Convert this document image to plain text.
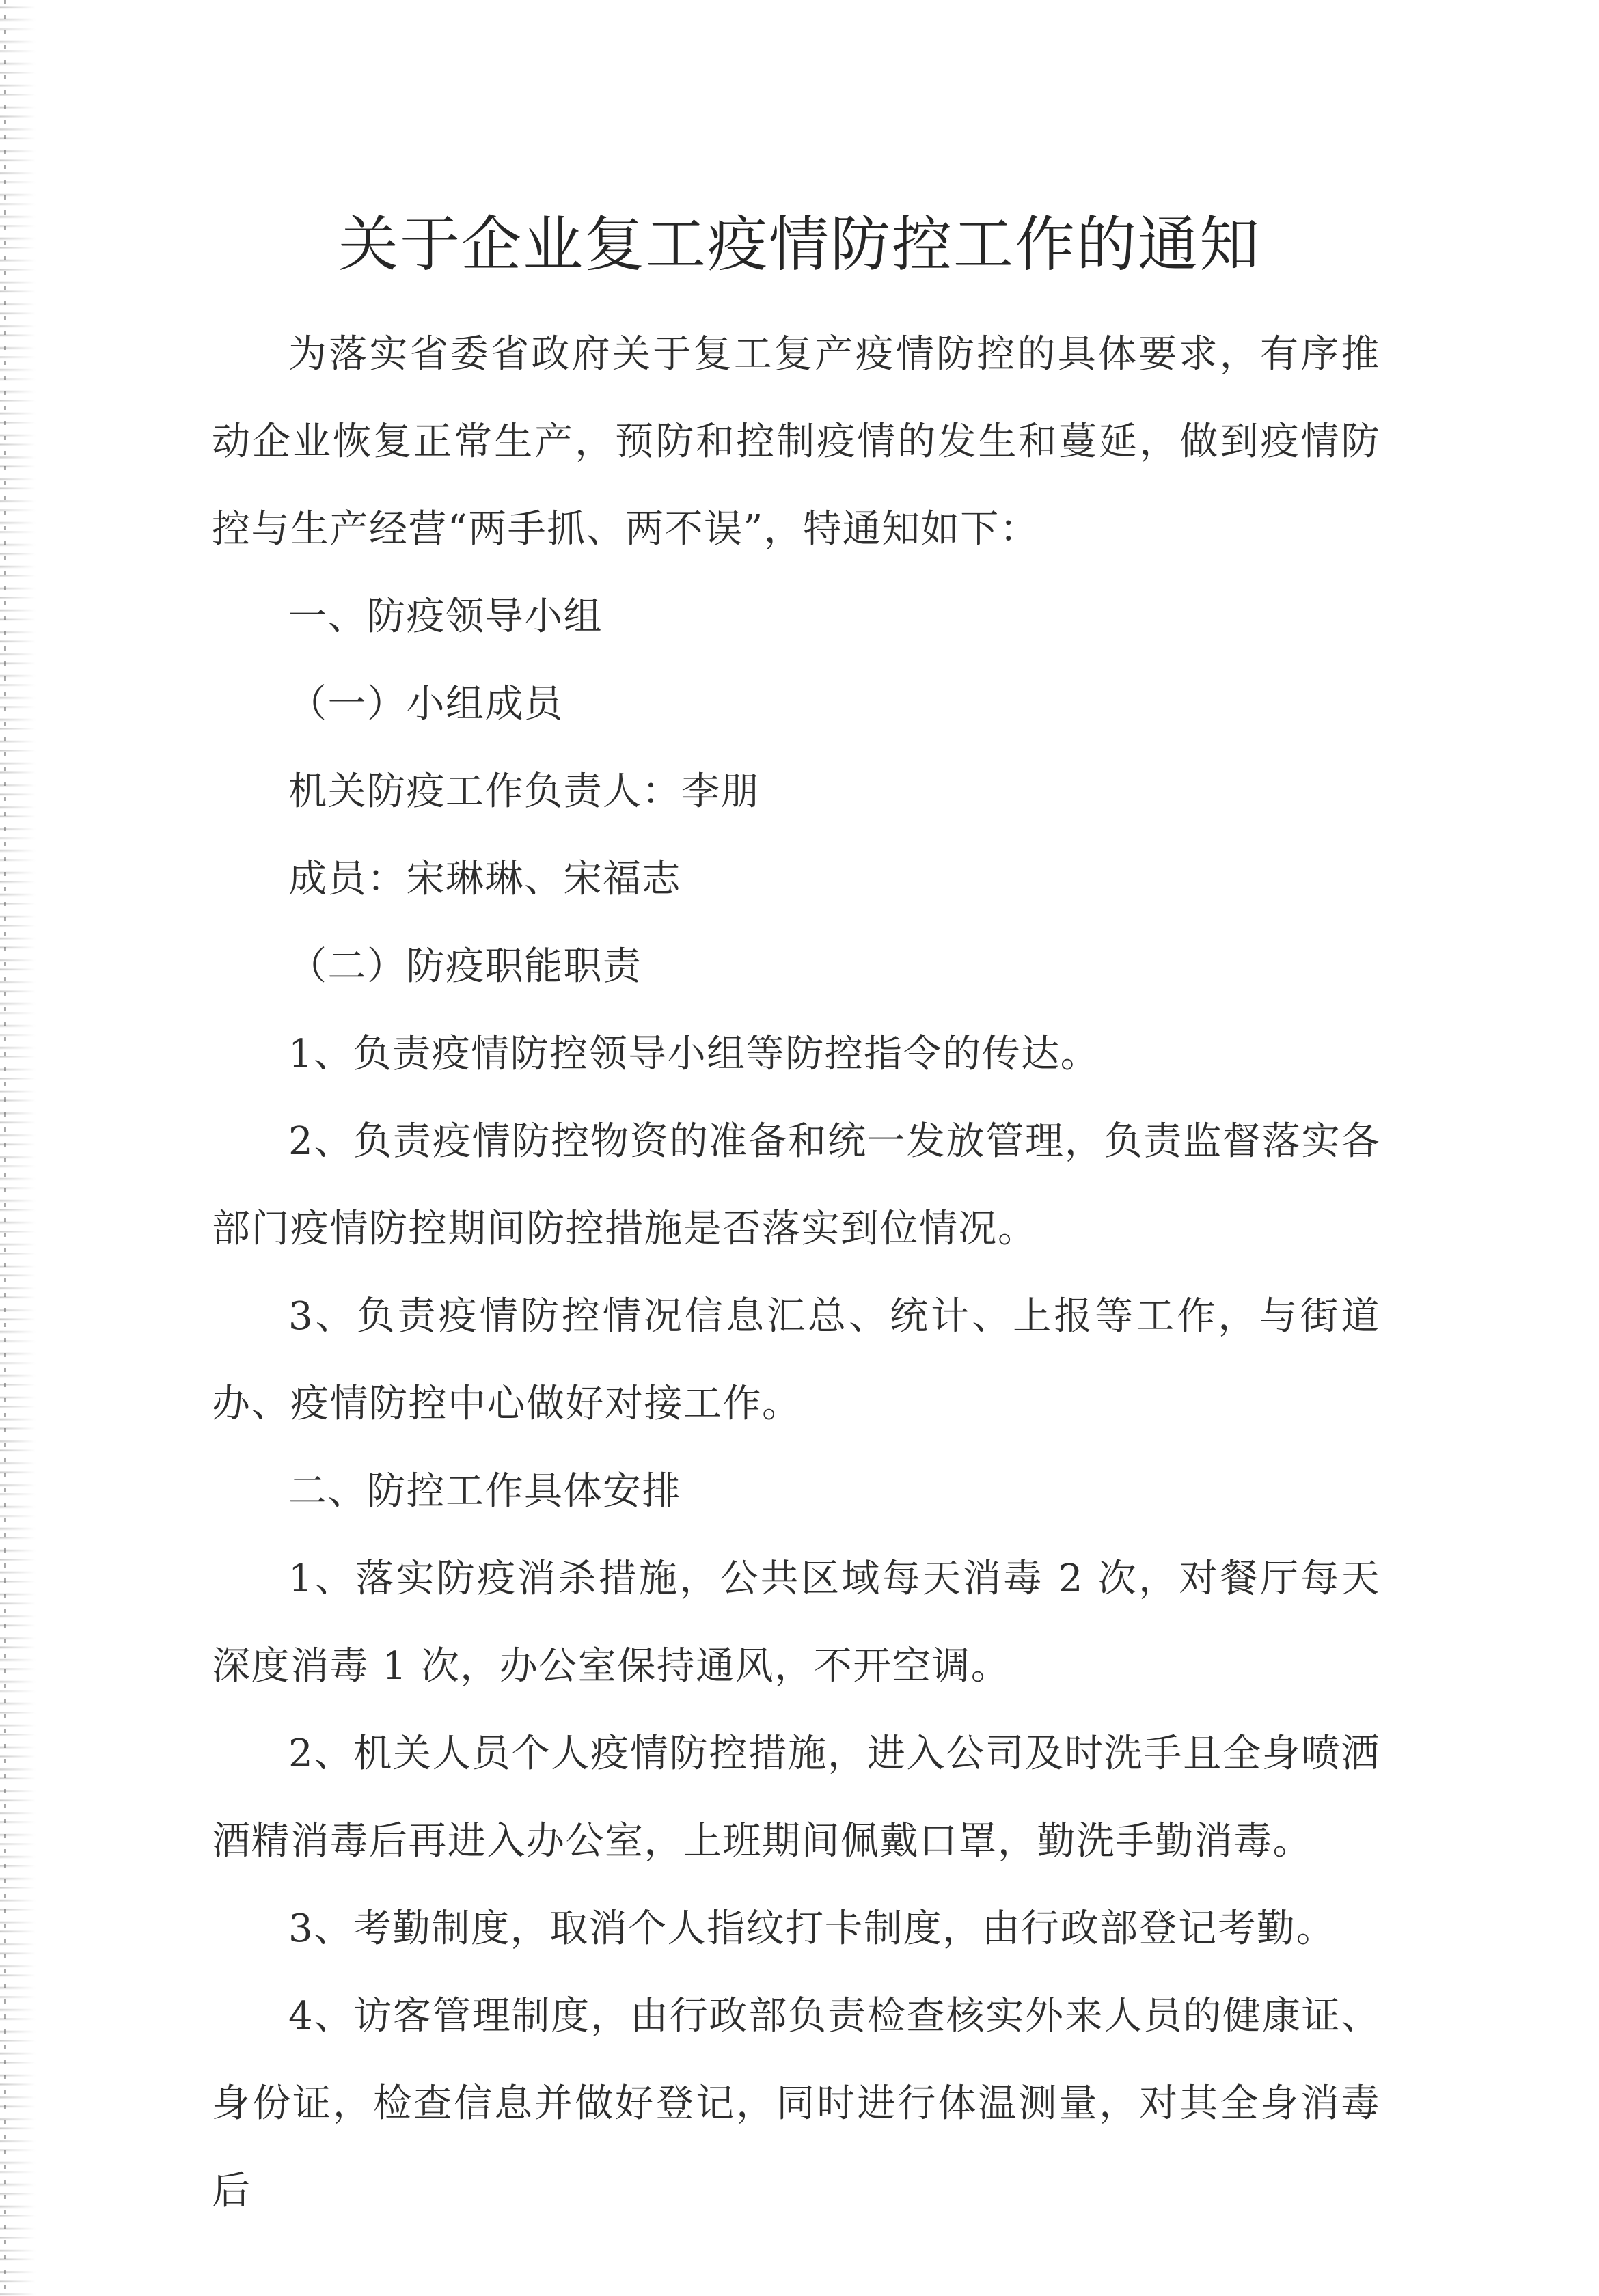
关于企业复工疫情防控工作的通知

为落实省委省政府关于复工复产疫情防控的具体要求，有序推动企业恢复正常生产，预防和控制疫情的发生和蔓延，做到疫情防控与生产经营“两手抓、两不误”，特通知如下：

一、防疫领导小组

（一）小组成员

机关防疫工作负责人：李朋

成员：宋琳琳、宋福志

（二）防疫职能职责

1、负责疫情防控领导小组等防控指令的传达。

2、负责疫情防控物资的准备和统一发放管理，负责监督落实各部门疫情防控期间防控措施是否落实到位情况。

3、负责疫情防控情况信息汇总、统计、上报等工作，与街道办、疫情防控中心做好对接工作。

二、防控工作具体安排

1、落实防疫消杀措施，公共区域每天消毒 2 次，对餐厅每天深度消毒 1 次，办公室保持通风，不开空调。

2、机关人员个人疫情防控措施，进入公司及时洗手且全身喷洒酒精消毒后再进入办公室，上班期间佩戴口罩，勤洗手勤消毒。

3、考勤制度，取消个人指纹打卡制度，由行政部登记考勤。

4、访客管理制度，由行政部负责检查核实外来人员的健康证、身份证，检查信息并做好登记，同时进行体温测量，对其全身消毒后
